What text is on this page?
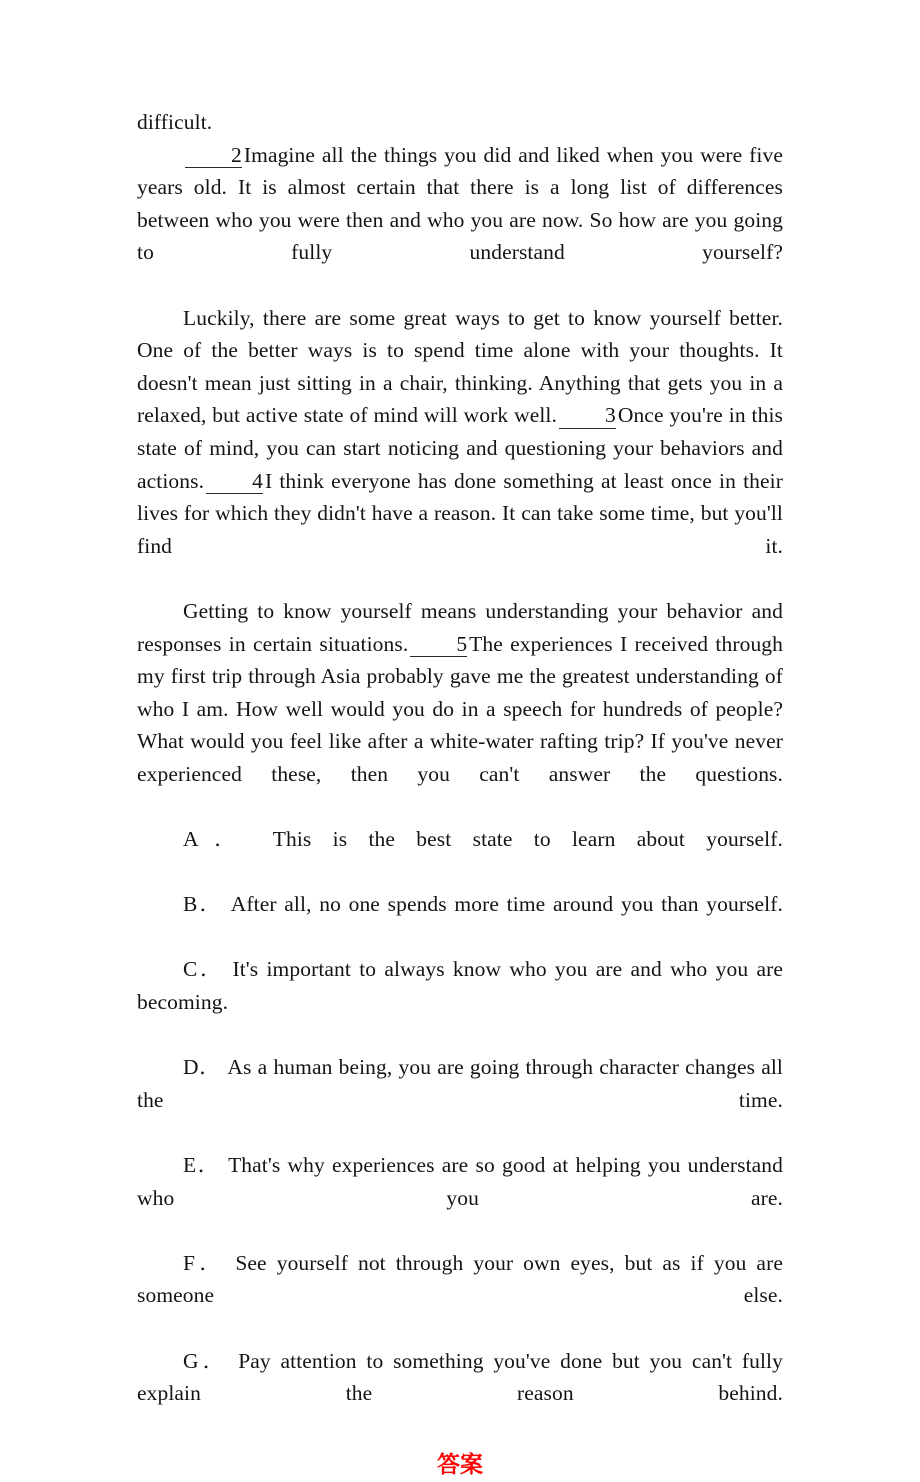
difficult.

2Imagine all the things you did and liked when you were five years old. It is almost certain that there is a long list of differences between who you were then and who you are now. So how are you going to fully understand yourself?

Luckily, there are some great ways to get to know yourself better. One of the better ways is to spend time alone with your thoughts. It doesn't mean just sitting in a chair, thinking. Anything that gets you in a relaxed, but active state of mind will work well. 3Once you're in this state of mind, you can start noticing and questioning your behaviors and actions. 4I think everyone has done something at least once in their lives for which they didn't have a reason. It can take some time, but you'll find it.

Getting to know yourself means understanding your behavior and responses in certain situations. 5The experiences I received through my first trip through Asia probably gave me the greatest understanding of who I am. How well would you do in a speech for hundreds of people? What would you feel like after a white-water rafting trip? If you've never experienced these, then you can't answer the questions.

A． This is the best state to learn about yourself.

B． After all, no one spends more time around you than yourself.

C． It's important to always know who you are and who you are becoming.

D． As a human being, you are going through character changes all the time.

E． That's why experiences are so good at helping you understand who you are.

F． See yourself not through your own eyes, but as if you are someone else.

G． Pay attention to something you've done but you can't fully explain the reason behind.

答案
